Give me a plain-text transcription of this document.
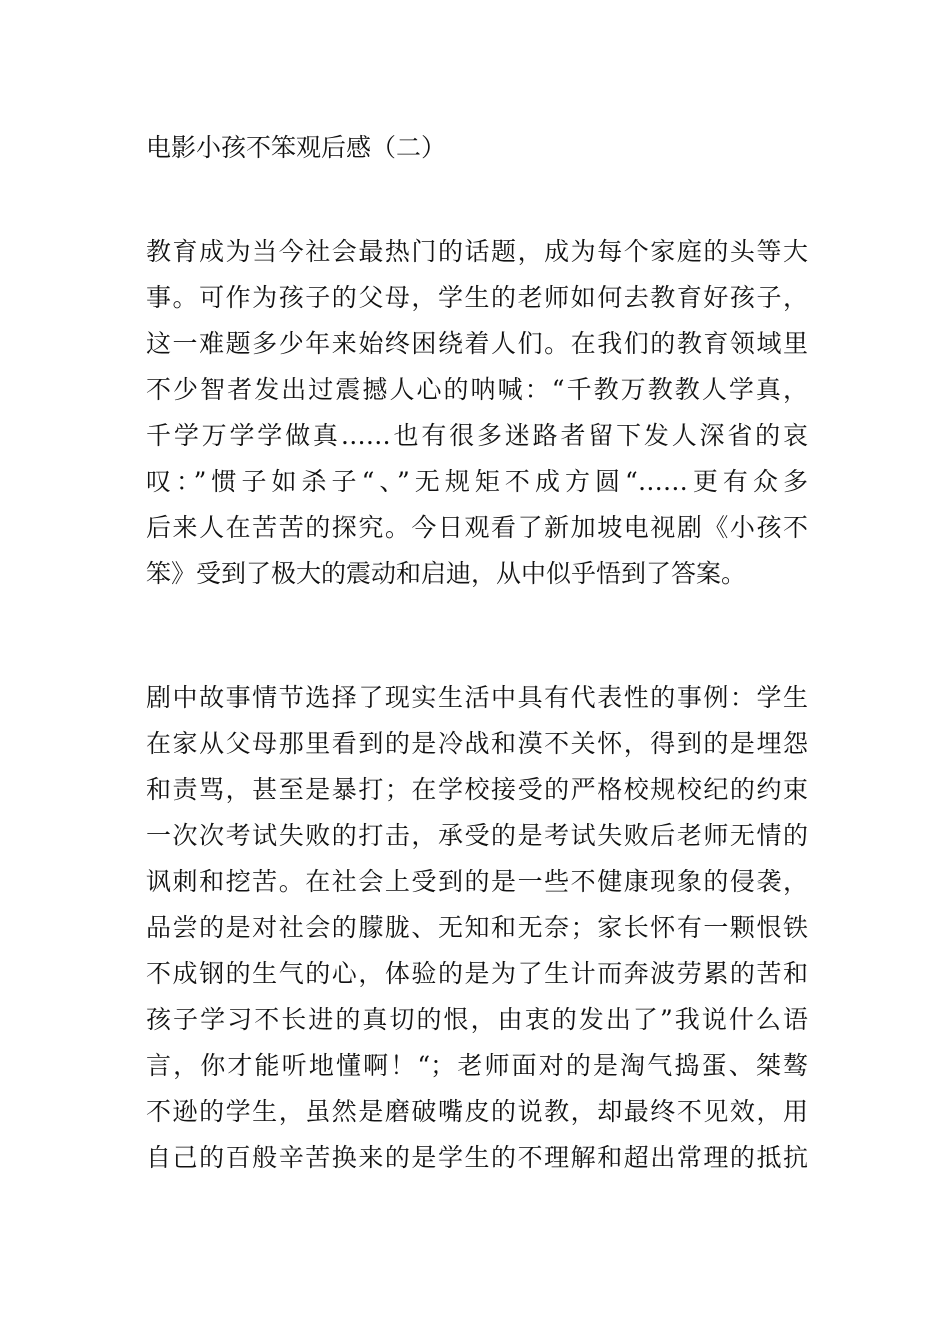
电影小孩不笨观后感（二）
教育成为当今社会最热门的话题，成为每个家庭的头等大
事。可作为孩子的父母，学生的老师如何去教育好孩子，
这一难题多少年来始终困绕着人们。在我们的教育领域里
不少智者发出过震撼人心的呐喊：“千教万教教人学真，
千学万学学做真……也有很多迷路者留下发人深省的哀
叹：”惯子如杀子“、”无规矩不成方圆“……更有众多
后来人在苦苦的探究。今日观看了新加坡电视剧《小孩不
笨》受到了极大的震动和启迪，从中似乎悟到了答案。
剧中故事情节选择了现实生活中具有代表性的事例：学生
在家从父母那里看到的是冷战和漠不关怀，得到的是埋怨
和责骂，甚至是暴打；在学校接受的严格校规校纪的约束
一次次考试失败的打击，承受的是考试失败后老师无情的
讽刺和挖苦。在社会上受到的是一些不健康现象的侵袭，
品尝的是对社会的朦胧、无知和无奈；家长怀有一颗恨铁
不成钢的生气的心，体验的是为了生计而奔波劳累的苦和
孩子学习不长进的真切的恨，由衷的发出了”我说什么语
言，你才能听地懂啊！“；老师面对的是淘气捣蛋、桀骜
不逊的学生，虽然是磨破嘴皮的说教，却最终不见效，用
自己的百般辛苦换来的是学生的不理解和超出常理的抵抗
